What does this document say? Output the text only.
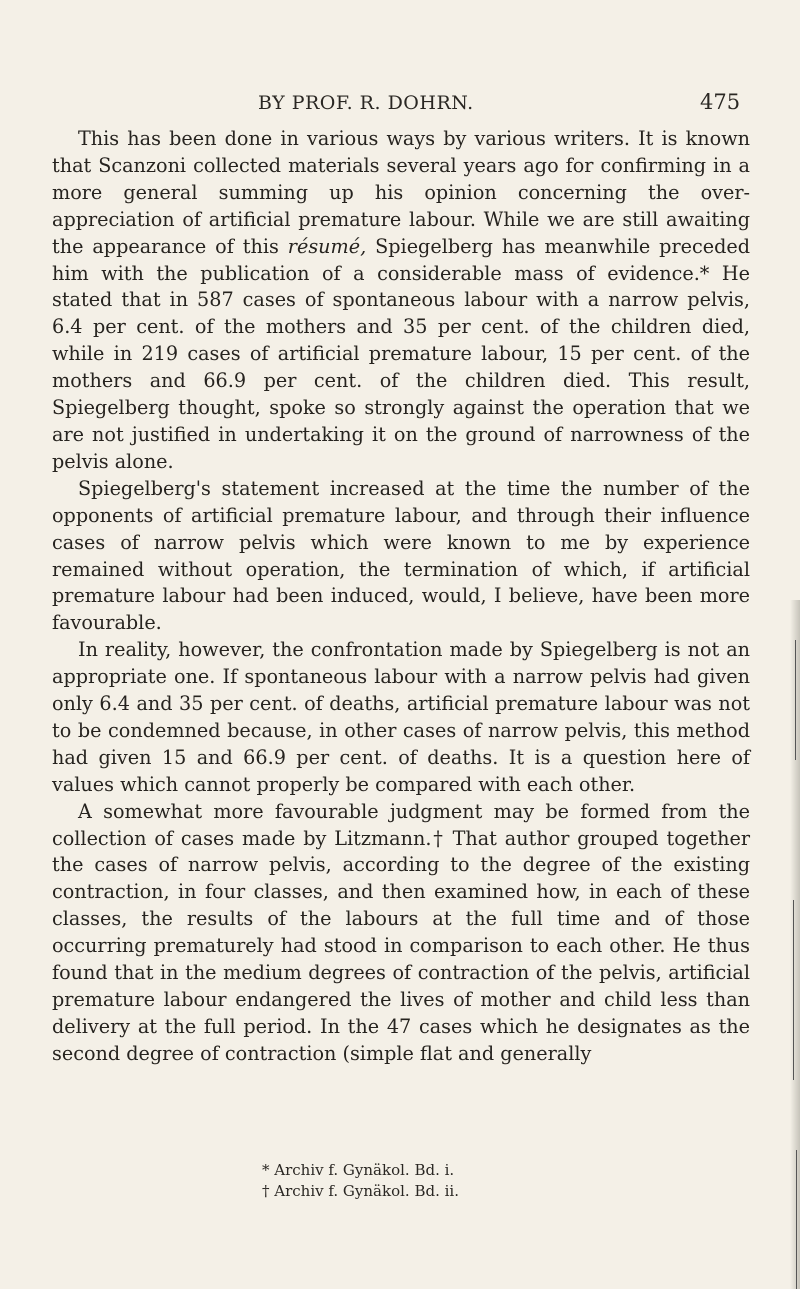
BY PROF. R. DOHRN.	475

This has been done in various ways by various writers. It is known that Scanzoni collected materials several years ago for confirming in a more general summing up his opinion concerning the over-appreciation of artificial premature labour. While we are still awaiting the appearance of this résumé, Spiegelberg has meanwhile preceded him with the publication of a considerable mass of evidence.* He stated that in 587 cases of spontaneous labour with a narrow pelvis, 6.4 per cent. of the mothers and 35 per cent. of the children died, while in 219 cases of artificial premature labour, 15 per cent. of the mothers and 66.9 per cent. of the children died. This result, Spiegelberg thought, spoke so strongly against the operation that we are not justified in undertaking it on the ground of narrowness of the pelvis alone.

Spiegelberg's statement increased at the time the number of the opponents of artificial premature labour, and through their influence cases of narrow pelvis which were known to me by experience remained without operation, the termination of which, if artificial premature labour had been induced, would, I believe, have been more favourable.

In reality, however, the confrontation made by Spiegelberg is not an appropriate one. If spontaneous labour with a narrow pelvis had given only 6.4 and 35 per cent. of deaths, artificial premature labour was not to be condemned because, in other cases of narrow pelvis, this method had given 15 and 66.9 per cent. of deaths. It is a question here of values which cannot properly be compared with each other.

A somewhat more favourable judgment may be formed from the collection of cases made by Litzmann.† That author grouped together the cases of narrow pelvis, according to the degree of the existing contraction, in four classes, and then examined how, in each of these classes, the results of the labours at the full time and of those occurring prematurely had stood in comparison to each other. He thus found that in the medium degrees of contraction of the pelvis, artificial premature labour endangered the lives of mother and child less than delivery at the full period. In the 47 cases which he designates as the second degree of contraction (simple flat and generally

* Archiv f. Gynäkol. Bd. i.

† Archiv f. Gynäkol. Bd. ii.
